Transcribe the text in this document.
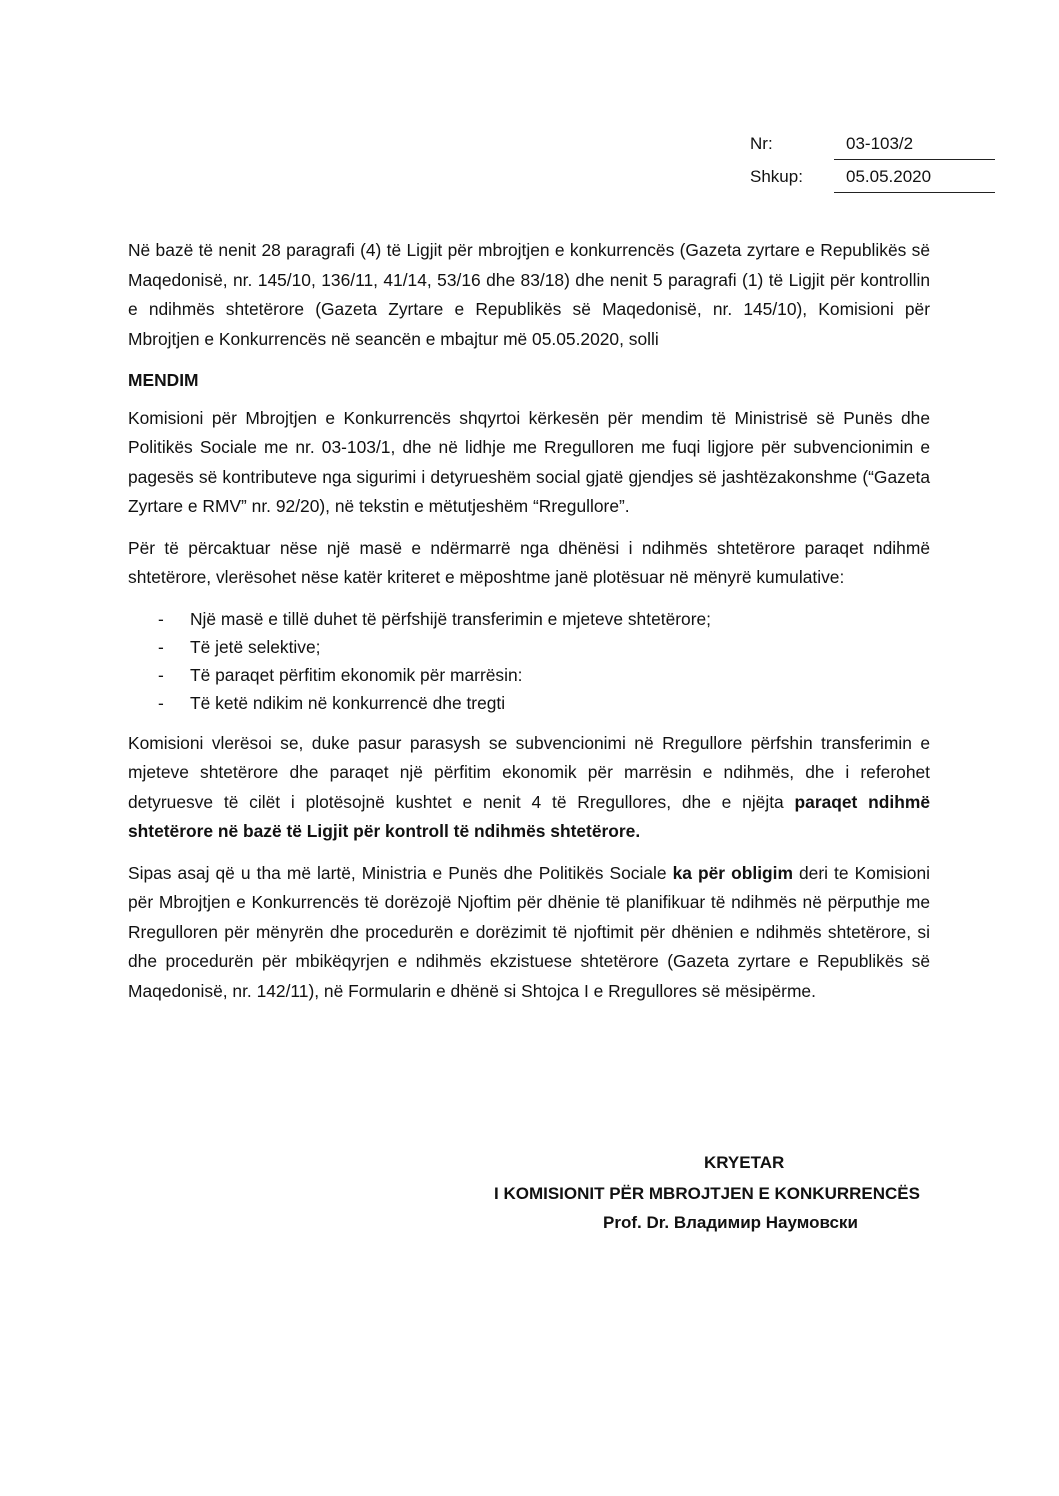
Nr:	03-103/2
Shkup:	05.05.2020

Në bazë të nenit 28 paragrafi (4) të Ligjit për mbrojtjen e konkurrencës (Gazeta zyrtare e Republikës së Maqedonisë, nr. 145/10, 136/11, 41/14, 53/16 dhe 83/18) dhe nenit 5 paragrafi (1) të Ligjit për kontrollin e ndihmës shtetërore (Gazeta Zyrtare e Republikës së Maqedonisë, nr. 145/10), Komisioni për Mbrojtjen e Konkurrencës në seancën e mbajtur më 05.05.2020, solli

MENDIM

Komisioni për Mbrojtjen e Konkurrencës shqyrtoi kërkesën për mendim të Ministrisë së Punës dhe Politikës Sociale me nr. 03-103/1, dhe në lidhje me Rregulloren me fuqi ligjore për subvencionimin e pagesës së kontributeve nga sigurimi i detyrueshëm social gjatë gjendjes së jashtëzakonshme (“Gazeta Zyrtare e RMV” nr. 92/20), në tekstin e mëtutjeshëm “Rregullore”.

Për të përcaktuar nëse një masë e ndërmarrë nga dhënësi i ndihmës shtetërore paraqet ndihmë shtetërore, vlerësohet nëse katër kriteret e mëposhtme janë plotësuar në mënyrë kumulative:

- Një masë e tillë duhet të përfshijë transferimin e mjeteve shtetërore;
- Të jetë selektive;
- Të paraqet përfitim ekonomik për marrësin:
- Të ketë ndikim në konkurrencë dhe tregti

Komisioni vlerësoi se, duke pasur parasysh se subvencionimi në Rregullore përfshin transferimin e mjeteve shtetërore dhe paraqet një përfitim ekonomik për marrësin e ndihmës, dhe i referohet detyruesve të cilët i plotësojnë kushtet e nenit 4 të Rregullores, dhe e njëjta paraqet ndihmë shtetërore në bazë të Ligjit për kontroll të ndihmës shtetërore.

Sipas asaj që u tha më lartë, Ministria e Punës dhe Politikës Sociale ka për obligim deri te Komisioni për Mbrojtjen e Konkurrencës të dorëzojë Njoftim për dhënie të planifikuar të ndihmës në përputhje me Rregulloren për mënyrën dhe procedurën e dorëzimit të njoftimit për dhënien e ndihmës shtetërore, si dhe procedurën për mbikëqyrjen e ndihmës ekzistuese shtetërore (Gazeta zyrtare e Republikës së Maqedonisë, nr. 142/11), në Formularin e dhënë si Shtojca I e Rregullores së mësipërme.

KRYETAR
I KOMISIONIT PËR MBROJTJEN E KONKURRENCËS
Prof. Dr. Владимир Наумовски
